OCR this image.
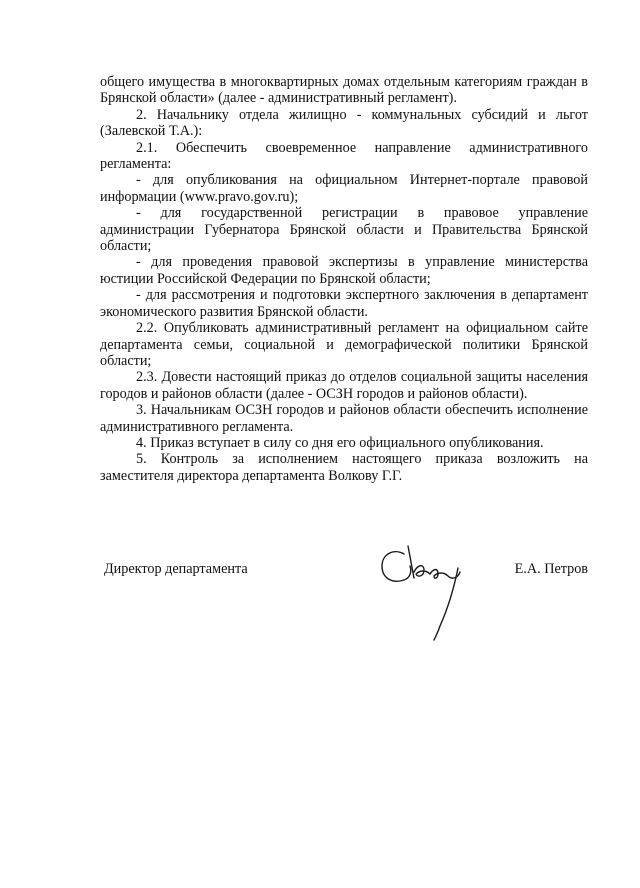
общего имущества в многоквартирных домах отдельным категориям граждан в Брянской области» (далее - административный регламент).

2. Начальнику отдела жилищно - коммунальных субсидий и льгот (Залевской Т.А.):

2.1. Обеспечить своевременное направление административного регламента:

- для опубликования на официальном Интернет-портале правовой информации (www.pravo.gov.ru);

- для государственной регистрации в правовое управление администрации Губернатора Брянской области и Правительства Брянской области;

- для проведения правовой экспертизы в управление министерства юстиции Российской Федерации по Брянской области;

- для рассмотрения и подготовки экспертного заключения в департамент экономического развития Брянской области.

2.2. Опубликовать административный регламент на официальном сайте департамента семьи, социальной и демографической политики Брянской области;

2.3. Довести настоящий приказ до отделов социальной защиты населения городов и районов области (далее - ОСЗН городов и районов области).

3. Начальникам ОСЗН городов и районов области обеспечить исполнение административного регламента.

4. Приказ вступает в силу со дня его официального опубликования.

5. Контроль за исполнением настоящего приказа возложить на заместителя директора департамента Волкову Г.Г.

Директор департамента	Е.А. Петров
